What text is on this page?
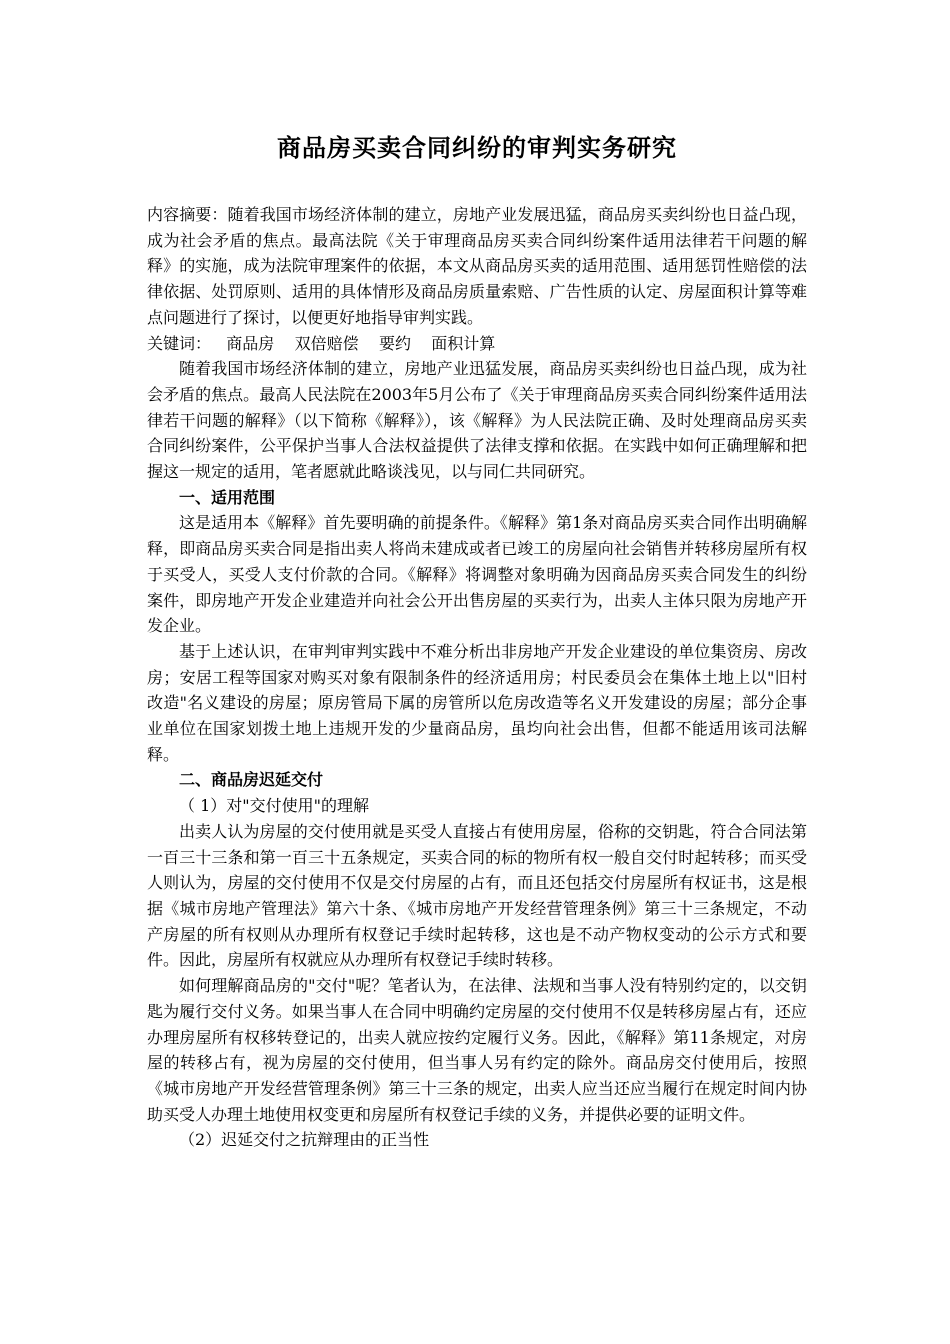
商品房买卖合同纠纷的审判实务研究

内容摘要：随着我国市场经济体制的建立，房地产业发展迅猛，商品房买卖纠纷也日益凸现，成为社会矛盾的焦点。最高法院《关于审理商品房买卖合同纠纷案件适用法律若干问题的解释》的实施，成为法院审理案件的依据，本文从商品房买卖的适用范围、适用惩罚性赔偿的法律依据、处罚原则、适用的具体情形及商品房质量索赔、广告性质的认定、房屋面积计算等难点问题进行了探讨，以便更好地指导审判实践。

关键词：   商品房    双倍赔偿    要约    面积计算

随着我国市场经济体制的建立，房地产业迅猛发展，商品房买卖纠纷也日益凸现，成为社会矛盾的焦点。最高人民法院在2003年5月公布了《关于审理商品房买卖合同纠纷案件适用法律若干问题的解释》（以下简称《解释》），该《解释》为人民法院正确、及时处理商品房买卖合同纠纷案件，公平保护当事人合法权益提供了法律支撑和依据。在实践中如何正确理解和把握这一规定的适用，笔者愿就此略谈浅见，以与同仁共同研究。

一、适用范围

这是适用本《解释》首先要明确的前提条件。《解释》第1条对商品房买卖合同作出明确解释，即商品房买卖合同是指出卖人将尚未建成或者已竣工的房屋向社会销售并转移房屋所有权于买受人，买受人支付价款的合同。《解释》将调整对象明确为因商品房买卖合同发生的纠纷案件，即房地产开发企业建造并向社会公开出售房屋的买卖行为，出卖人主体只限为房地产开发企业。

基于上述认识，在审判审判实践中不难分析出非房地产开发企业建设的单位集资房、房改房；安居工程等国家对购买对象有限制条件的经济适用房；村民委员会在集体土地上以"旧村改造"名义建设的房屋；原房管局下属的房管所以危房改造等名义开发建设的房屋；部分企事业单位在国家划拨土地上违规开发的少量商品房，虽均向社会出售，但都不能适用该司法解释。

二、商品房迟延交付

（ 1）对"交付使用"的理解

出卖人认为房屋的交付使用就是买受人直接占有使用房屋，俗称的交钥匙，符合合同法第一百三十三条和第一百三十五条规定，买卖合同的标的物所有权一般自交付时起转移；而买受人则认为，房屋的交付使用不仅是交付房屋的占有，而且还包括交付房屋所有权证书，这是根据《城市房地产管理法》第六十条、《城市房地产开发经营管理条例》第三十三条规定，不动产房屋的所有权则从办理所有权登记手续时起转移，这也是不动产物权变动的公示方式和要件。因此，房屋所有权就应从办理所有权登记手续时转移。

如何理解商品房的"交付"呢？笔者认为，在法律、法规和当事人没有特别约定的，以交钥匙为履行交付义务。如果当事人在合同中明确约定房屋的交付使用不仅是转移房屋占有，还应办理房屋所有权移转登记的，出卖人就应按约定履行义务。因此，《解释》第11条规定，对房屋的转移占有，视为房屋的交付使用，但当事人另有约定的除外。商品房交付使用后，按照《城市房地产开发经营管理条例》第三十三条的规定，出卖人应当还应当履行在规定时间内协助买受人办理土地使用权变更和房屋所有权登记手续的义务，并提供必要的证明文件。

（2）迟延交付之抗辩理由的正当性
